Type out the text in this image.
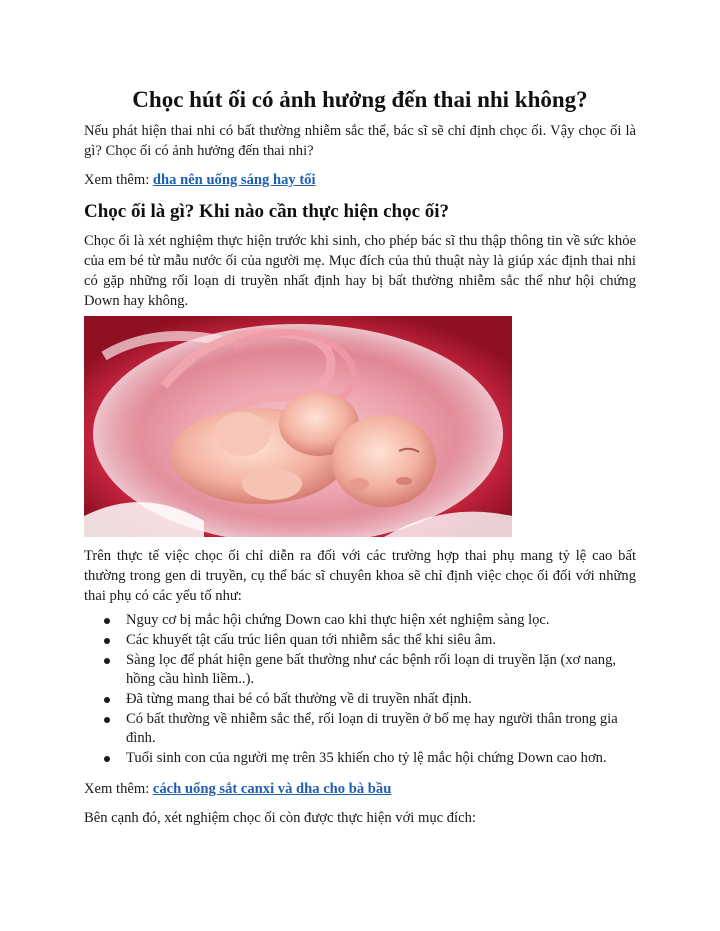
Chọc hút ối có ảnh hưởng đến thai nhi không?

Nếu phát hiện thai nhi có bất thường nhiễm sắc thể, bác sĩ sẽ chỉ định chọc ối. Vậy chọc ối là gì? Chọc ối có ảnh hưởng đến thai nhi?

Xem thêm: dha nên uống sáng hay tối

Chọc ối là gì? Khi nào cần thực hiện chọc ối?

Chọc ối là xét nghiệm thực hiện trước khi sinh, cho phép bác sĩ thu thập thông tin về sức khỏe của em bé từ mẫu nước ối của người mẹ. Mục đích của thủ thuật này là giúp xác định thai nhi có gặp những rối loạn di truyền nhất định hay bị bất thường nhiễm sắc thể như hội chứng Down hay không.

Trên thực tế việc chọc ối chỉ diễn ra đối với các trường hợp thai phụ mang tỷ lệ cao bất thường trong gen di truyền, cụ thể bác sĩ chuyên khoa sẽ chỉ định việc chọc ối đối với những thai phụ có các yếu tố như:

Nguy cơ bị mắc hội chứng Down cao khi thực hiện xét nghiệm sàng lọc.
Các khuyết tật cấu trúc liên quan tới nhiễm sắc thể khi siêu âm.
Sàng lọc để phát hiện gene bất thường như các bệnh rối loạn di truyền lặn (xơ nang, hồng cầu hình liềm..).
Đã từng mang thai bé có bất thường về di truyền nhất định.
Có bất thường về nhiễm sắc thể, rối loạn di truyền ở bố mẹ hay người thân trong gia đình.
Tuổi sinh con của người mẹ trên 35 khiến cho tỷ lệ mắc hội chứng Down cao hơn.

Xem thêm: cách uống sắt canxi và dha cho bà bầu

Bên cạnh đó, xét nghiệm chọc ối còn được thực hiện với mục đích:
